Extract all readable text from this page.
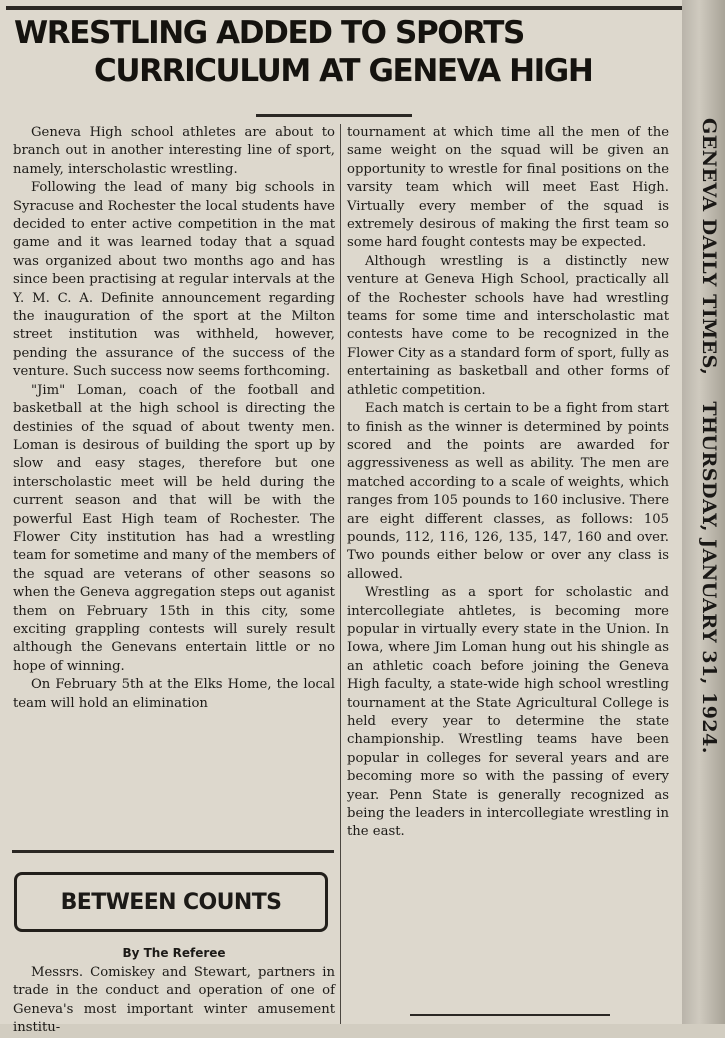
GENEVA DAILY TIMES,THURSDAY, JANUARY 31, 1924.
WRESTLING ADDED TO SPORTS
CURRICULUM AT GENEVA HIGH

Geneva High school athletes are about to branch out in another interesting line of sport, namely, interscholastic wrestling.

Following the lead of many big schools in Syracuse and Rochester the local students have decided to enter active competition in the mat game and it was learned today that a squad was organized about two months ago and has since been practising at regular intervals at the Y. M. C. A. Definite announcement regarding the inauguration of the sport at the Milton street institution was withheld, however, pending the assurance of the success of the venture. Such success now seems forthcoming.

"Jim" Loman, coach of the football and basketball at the high school is directing the destinies of the squad of about twenty men. Loman is desirous of building the sport up by slow and easy stages, therefore but one interscholastic meet will be held during the current season and that will be with the powerful East High team of Rochester. The Flower City institution has had a wrestling team for sometime and many of the members of the squad are veterans of other seasons so when the Geneva aggregation steps out aganist them on February 15th in this city, some exciting grappling contests will surely result although the Genevans entertain little or no hope of winning.

On February 5th at the Elks Home, the local team will hold an elimination

tournament at which time all the men of the same weight on the squad will be given an opportunity to wrestle for final positions on the varsity team which will meet East High. Virtually every member of the squad is extremely desirous of making the first team so some hard fought contests may be expected.

Although wrestling is a distinctly new venture at Geneva High School, practically all of the Rochester schools have had wrestling teams for some time and interscholastic mat contests have come to be recognized in the Flower City as a standard form of sport, fully as entertaining as basketball and other forms of athletic competition.

Each match is certain to be a fight from start to finish as the winner is determined by points scored and the points are awarded for aggressiveness as well as ability. The men are matched according to a scale of weights, which ranges from 105 pounds to 160 inclusive. There are eight different classes, as follows: 105 pounds, 112, 116, 126, 135, 147, 160 and over. Two pounds either below or over any class is allowed.

Wrestling as a sport for scholastic and intercollegiate ahtletes, is becoming more popular in virtually every state in the Union. In Iowa, where Jim Loman hung out his shingle as an athletic coach before joining the Geneva High faculty, a state-wide high school wrestling tournament at the State Agricultural College is held every year to determine the state championship. Wrestling teams have been popular in colleges for several years and are becoming more so with the passing of every year. Penn State is generally recognized as being the leaders in intercollegiate wrestling in the east.

BETWEEN COUNTS
By The Referee

Messrs. Comiskey and Stewart, partners in trade in the conduct and operation of one of Geneva's most important winter amusement institu-
